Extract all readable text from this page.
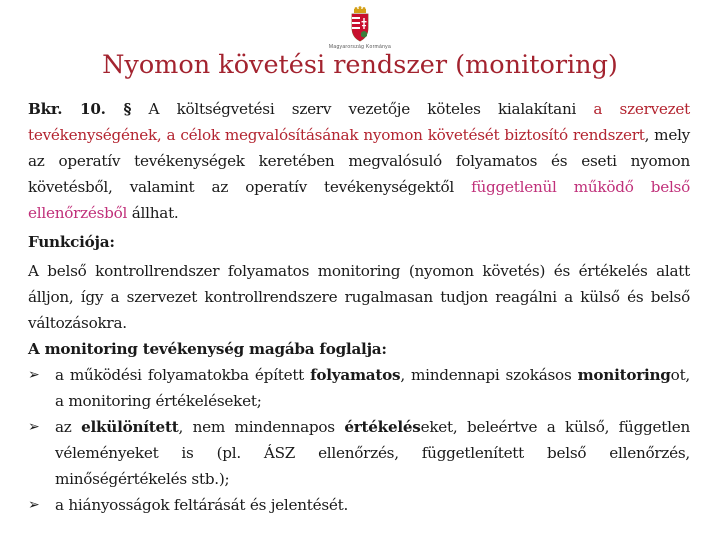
Magyarország Kormánya
Nyomon követési rendszer (monitoring)

Bkr. 10. § A költségvetési szerv vezetője köteles kialakítani a szervezet tevékenységének, a célok megvalósításának nyomon követését biztosító rendszert, mely az operatív tevékenységek keretében megvalósuló folyamatos és eseti nyomon követésből, valamint az operatív tevékenységektől függetlenül működő belső ellenőrzésből állhat.

Funkciója:

A belső kontrollrendszer folyamatos monitoring (nyomon követés) és értékelés alatt álljon, így a szervezet kontrollrendszere rugalmasan tudjon reagálni a külső és belső változásokra.

A monitoring tevékenység magába foglalja:

➢ a működési folyamatokba épített folyamatos, mindennapi szokásos monitoringot, a monitoring értékeléseket;
➢ az elkülönített, nem mindennapos értékeléseket, beleértve a külső, független véleményeket is (pl. ÁSZ ellenőrzés, függetlenített belső ellenőrzés, minőségértékelés stb.);
➢ a hiányosságok feltárását és jelentését.
